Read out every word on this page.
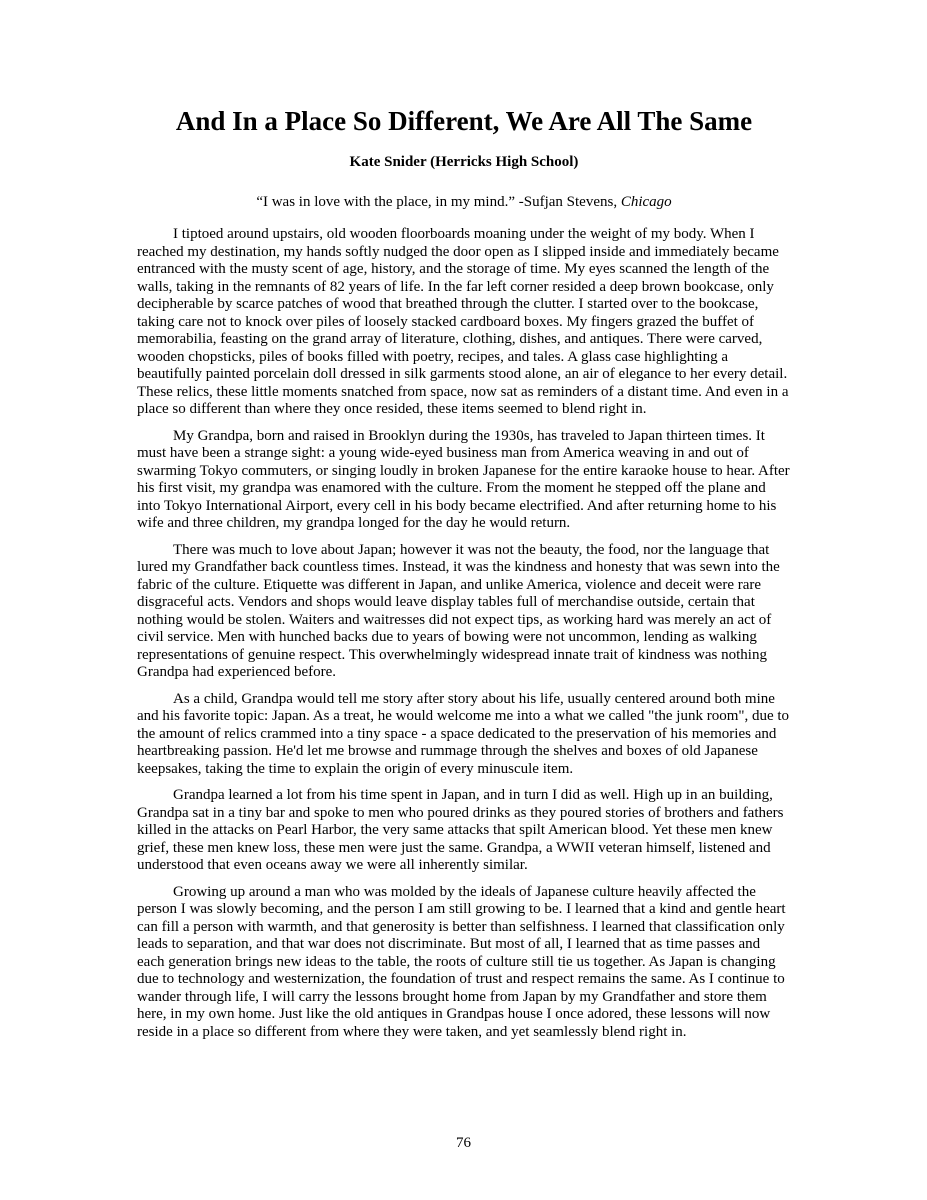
And In a Place So Different, We Are All The Same
Kate Snider (Herricks High School)
“I was in love with the place, in my mind.” -Sufjan Stevens, Chicago

I tiptoed around upstairs, old wooden floorboards moaning under the weight of my body. When I reached my destination, my hands softly nudged the door open as I slipped inside and immediately became entranced with the musty scent of age, history, and the storage of time. My eyes scanned the length of the walls, taking in the remnants of 82 years of life. In the far left corner resided a deep brown bookcase, only decipherable by scarce patches of wood that breathed through the clutter. I started over to the bookcase, taking care not to knock over piles of loosely stacked cardboard boxes. My fingers grazed the buffet of memorabilia, feasting on the grand array of literature, clothing, dishes, and antiques. There were carved, wooden chopsticks, piles of books filled with poetry, recipes, and tales. A glass case highlighting a beautifully painted porcelain doll dressed in silk garments stood alone, an air of elegance to her every detail. These relics, these little moments snatched from space, now sat as reminders of a distant time. And even in a place so different than where they once resided, these items seemed to blend right in.

My Grandpa, born and raised in Brooklyn during the 1930s, has traveled to Japan thirteen times. It must have been a strange sight: a young wide-eyed business man from America weaving in and out of swarming Tokyo commuters, or singing loudly in broken Japanese for the entire karaoke house to hear. After his first visit, my grandpa was enamored with the culture. From the moment he stepped off the plane and into Tokyo International Airport, every cell in his body became electrified. And after returning home to his wife and three children, my grandpa longed for the day he would return.

There was much to love about Japan; however it was not the beauty, the food, nor the language that lured my Grandfather back countless times. Instead, it was the kindness and honesty that was sewn into the fabric of the culture. Etiquette was different in Japan, and unlike America, violence and deceit were rare disgraceful acts. Vendors and shops would leave display tables full of merchandise outside, certain that nothing would be stolen. Waiters and waitresses did not expect tips, as working hard was merely an act of civil service. Men with hunched backs due to years of bowing were not uncommon, lending as walking representations of genuine respect. This overwhelmingly widespread innate trait of kindness was nothing Grandpa had experienced before.

As a child, Grandpa would tell me story after story about his life, usually centered around both mine and his favorite topic: Japan. As a treat, he would welcome me into a what we called "the junk room", due to the amount of relics crammed into a tiny space - a space dedicated to the preservation of his memories and heartbreaking passion. He'd let me browse and rummage through the shelves and boxes of old Japanese keepsakes, taking the time to explain the origin of every minuscule item.

Grandpa learned a lot from his time spent in Japan, and in turn I did as well. High up in an building, Grandpa sat in a tiny bar and spoke to men who poured drinks as they poured stories of brothers and fathers killed in the attacks on Pearl Harbor, the very same attacks that spilt American blood. Yet these men knew grief, these men knew loss, these men were just the same. Grandpa, a WWII veteran himself, listened and understood that even oceans away we were all inherently similar.

Growing up around a man who was molded by the ideals of Japanese culture heavily affected the person I was slowly becoming, and the person I am still growing to be. I learned that a kind and gentle heart can fill a person with warmth, and that generosity is better than selfishness. I learned that classification only leads to separation, and that war does not discriminate. But most of all, I learned that as time passes and each generation brings new ideas to the table, the roots of culture still tie us together. As Japan is changing due to technology and westernization, the foundation of trust and respect remains the same. As I continue to wander through life, I will carry the lessons brought home from Japan by my Grandfather and store them here, in my own home. Just like the old antiques in Grandpas house I once adored, these lessons will now reside in a place so different from where they were taken, and yet seamlessly blend right in.

76
